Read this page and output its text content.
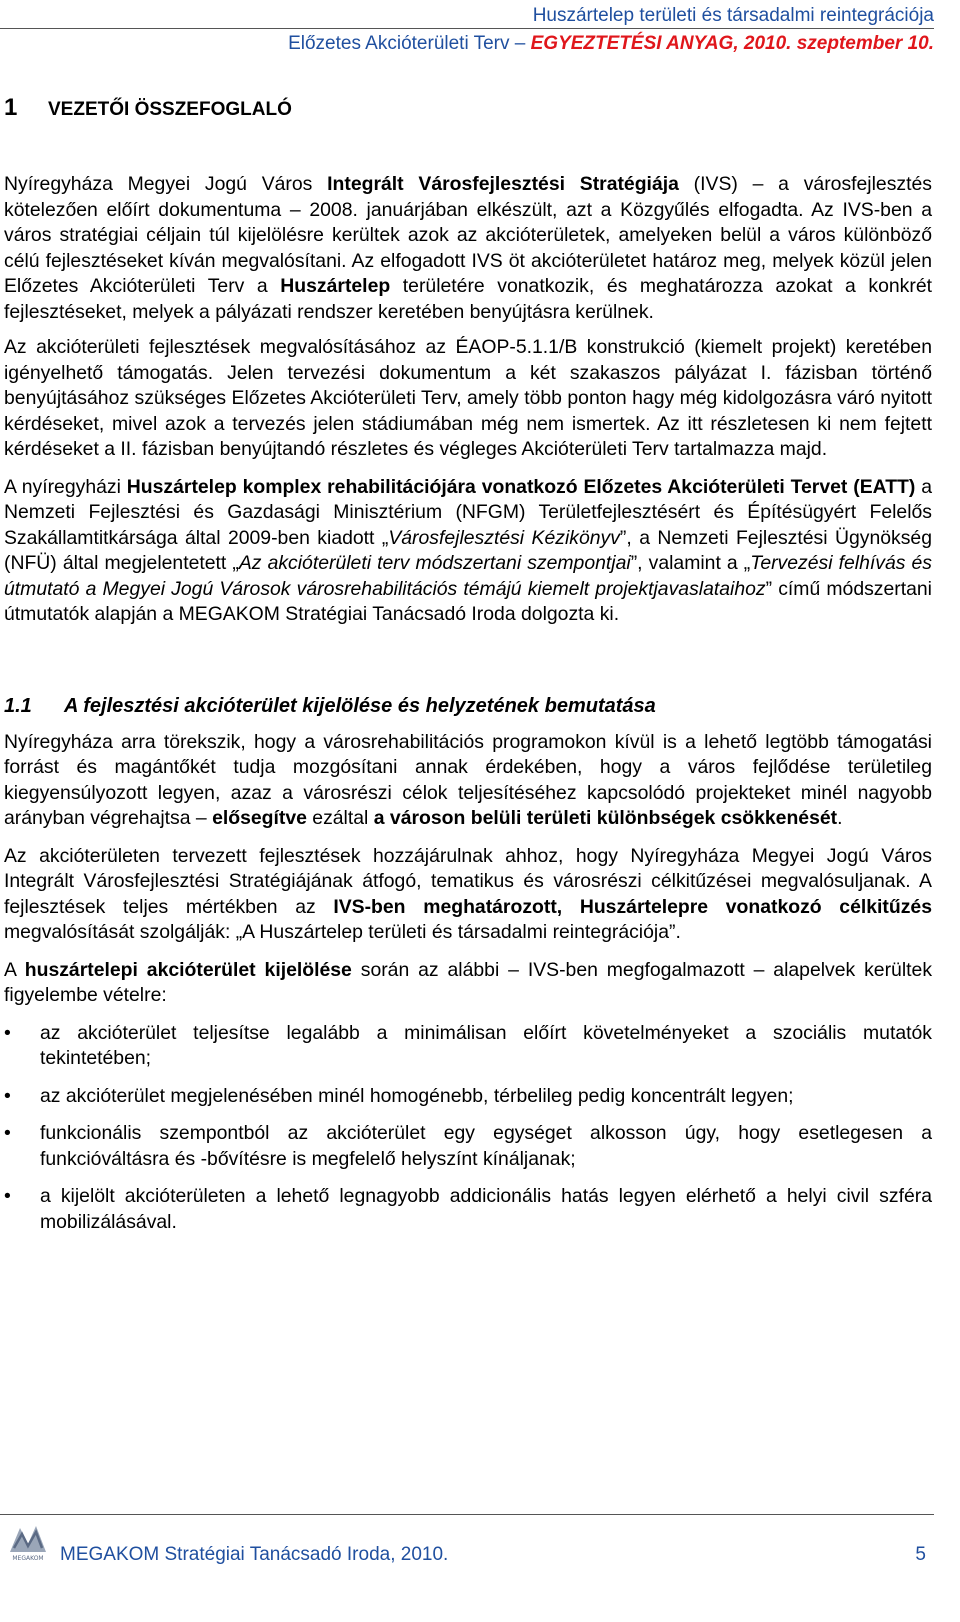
Huszártelep területi és társadalmi reintegrációja
Előzetes Akcióterületi Terv – EGYEZTETÉSI ANYAG, 2010. szeptember 10.
1 VEZETŐI ÖSSZEFOGLALÓ

Nyíregyháza Megyei Jogú Város Integrált Városfejlesztési Stratégiája (IVS) – a városfejlesztés kötelezően előírt dokumentuma – 2008. januárjában elkészült, azt a Közgyűlés elfogadta. Az IVS-ben a város stratégiai céljain túl kijelölésre kerültek azok az akcióterületek, amelyeken belül a város különböző célú fejlesztéseket kíván megvalósítani. Az elfogadott IVS öt akcióterületet határoz meg, melyek közül jelen Előzetes Akcióterületi Terv a Huszártelep területére vonatkozik, és meghatározza azokat a konkrét fejlesztéseket, melyek a pályázati rendszer keretében benyújtásra kerülnek.

Az akcióterületi fejlesztések megvalósításához az ÉAOP-5.1.1/B konstrukció (kiemelt projekt) keretében igényelhető támogatás. Jelen tervezési dokumentum a két szakaszos pályázat I. fázisban történő benyújtásához szükséges Előzetes Akcióterületi Terv, amely több ponton hagy még kidolgozásra váró nyitott kérdéseket, mivel azok a tervezés jelen stádiumában még nem ismertek. Az itt részletesen ki nem fejtett kérdéseket a II. fázisban benyújtandó részletes és végleges Akcióterületi Terv tartalmazza majd.

A nyíregyházi Huszártelep komplex rehabilitációjára vonatkozó Előzetes Akcióterületi Tervet (EATT) a Nemzeti Fejlesztési és Gazdasági Minisztérium (NFGM) Területfejlesztésért és Építésügyért Felelős Szakállamtitkársága által 2009-ben kiadott „Városfejlesztési Kézikönyv”, a Nemzeti Fejlesztési Ügynökség (NFÜ) által megjelentetett „Az akcióterületi terv módszertani szempontjai”, valamint a „Tervezési felhívás és útmutató a Megyei Jogú Városok városrehabilitációs témájú kiemelt projektjavaslataihoz” című módszertani útmutatók alapján a MEGAKOM Stratégiai Tanácsadó Iroda dolgozta ki.

1.1 A fejlesztési akcióterület kijelölése és helyzetének bemutatása

Nyíregyháza arra törekszik, hogy a városrehabilitációs programokon kívül is a lehető legtöbb támogatási forrást és magántőkét tudja mozgósítani annak érdekében, hogy a város fejlődése területileg kiegyensúlyozott legyen, azaz a városrészi célok teljesítéséhez kapcsolódó projekteket minél nagyobb arányban végrehajtsa – elősegítve ezáltal a városon belüli területi különbségek csökkenését.

Az akcióterületen tervezett fejlesztések hozzájárulnak ahhoz, hogy Nyíregyháza Megyei Jogú Város Integrált Városfejlesztési Stratégiájának átfogó, tematikus és városrészi célkitűzései megvalósuljanak. A fejlesztések teljes mértékben az IVS-ben meghatározott, Huszártelepre vonatkozó célkitűzés megvalósítását szolgálják: „A Huszártelep területi és társadalmi reintegrációja”.

A huszártelepi akcióterület kijelölése során az alábbi – IVS-ben megfogalmazott – alapelvek kerültek figyelembe vételre:

• az akcióterület teljesítse legalább a minimálisan előírt követelményeket a szociális mutatók tekintetében;
• az akcióterület megjelenésében minél homogénebb, térbelileg pedig koncentrált legyen;
• funkcionális szempontból az akcióterület egy egységet alkosson úgy, hogy esetlegesen a funkcióváltásra és -bővítésre is megfelelő helyszínt kínáljanak;
• a kijelölt akcióterületen a lehető legnagyobb addicionális hatás legyen elérhető a helyi civil szféra mobilizálásával.
MEGAKOM MEGAKOM Stratégiai Tanácsadó Iroda, 2010.	5
